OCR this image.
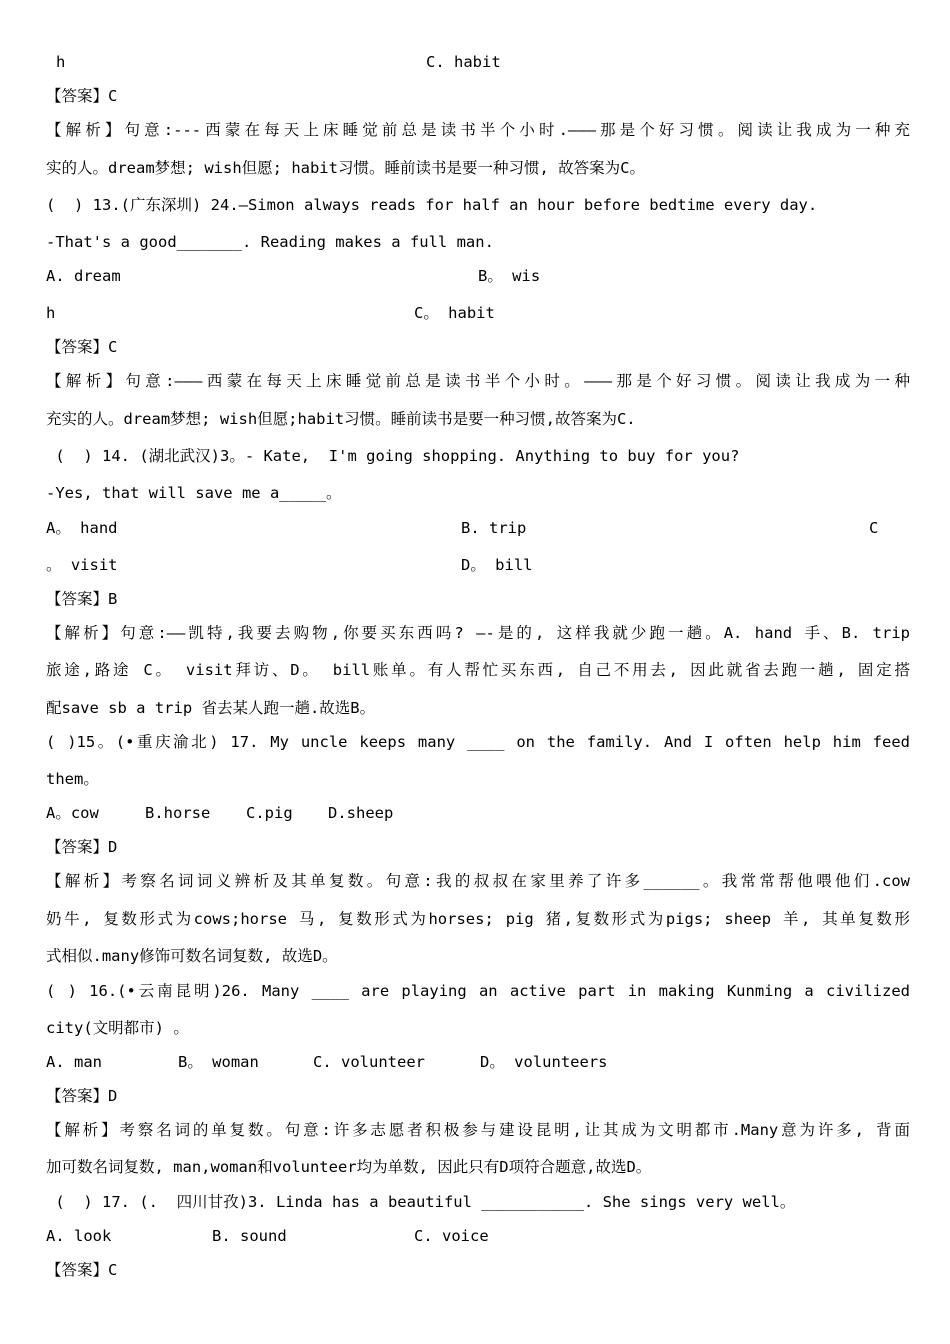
h	C. habit
【答案】C
【解析】句意:---西蒙在每天上床睡觉前总是读书半个小时.———那是个好习惯。阅读让我成为一种充
实的人。dream梦想; wish但愿; habit习惯。睡前读书是要一种习惯, 故答案为C。
(  ) 13.(广东深圳) 24.—Simon always reads for half an hour before bedtime every day.
-That's a good_______. Reading makes a full man.
A. dream	B。 wis
h	C。 habit
【答案】C
【解析】句意:———西蒙在每天上床睡觉前总是读书半个小时。———那是个好习惯。阅读让我成为一种
充实的人。dream梦想; wish但愿;habit习惯。睡前读书是要一种习惯,故答案为C.
(  ) 14. (湖北武汉)3。- Kate,  I'm going shopping. Anything to buy for you?
-Yes, that will save me a_____。
A。 hand	B. trip	C
。 visit	D。 bill
【答案】B
【解析】句意:——凯特,我要去购物,你要买东西吗? —-是的, 这样我就少跑一趟。A. hand 手、B. trip
旅途,路途 C。 visit拜访、D。 bill账单。有人帮忙买东西, 自己不用去, 因此就省去跑一趟, 固定搭
配save sb a trip 省去某人跑一趟.故选B。
( )15。(•重庆渝北) 17. My uncle keeps many ____ on the family. And I often help him feed
them。
A。cow	B.horse C.pig D.sheep
【答案】D
【解析】考察名词词义辨析及其单复数。句意:我的叔叔在家里养了许多______。我常常帮他喂他们.cow
奶牛, 复数形式为cows;horse 马, 复数形式为horses; pig 猪,复数形式为pigs; sheep 羊, 其单复数形
式相似.many修饰可数名词复数, 故选D。
( ) 16.(•云南昆明)26. Many ____ are playing an active part in making Kunming a civilized
city(文明都市) 。
A. man	B。 woman	C. volunteer	D。 volunteers
【答案】D
【解析】考察名词的单复数。句意:许多志愿者积极参与建设昆明,让其成为文明都市.Many意为许多, 背面
加可数名词复数, man,woman和volunteer均为单数, 因此只有D项符合题意,故选D。
(  ) 17. (.  四川甘孜)3. Linda has a beautiful ___________. She sings very well。
A. look	B. sound	C. voice
【答案】C
